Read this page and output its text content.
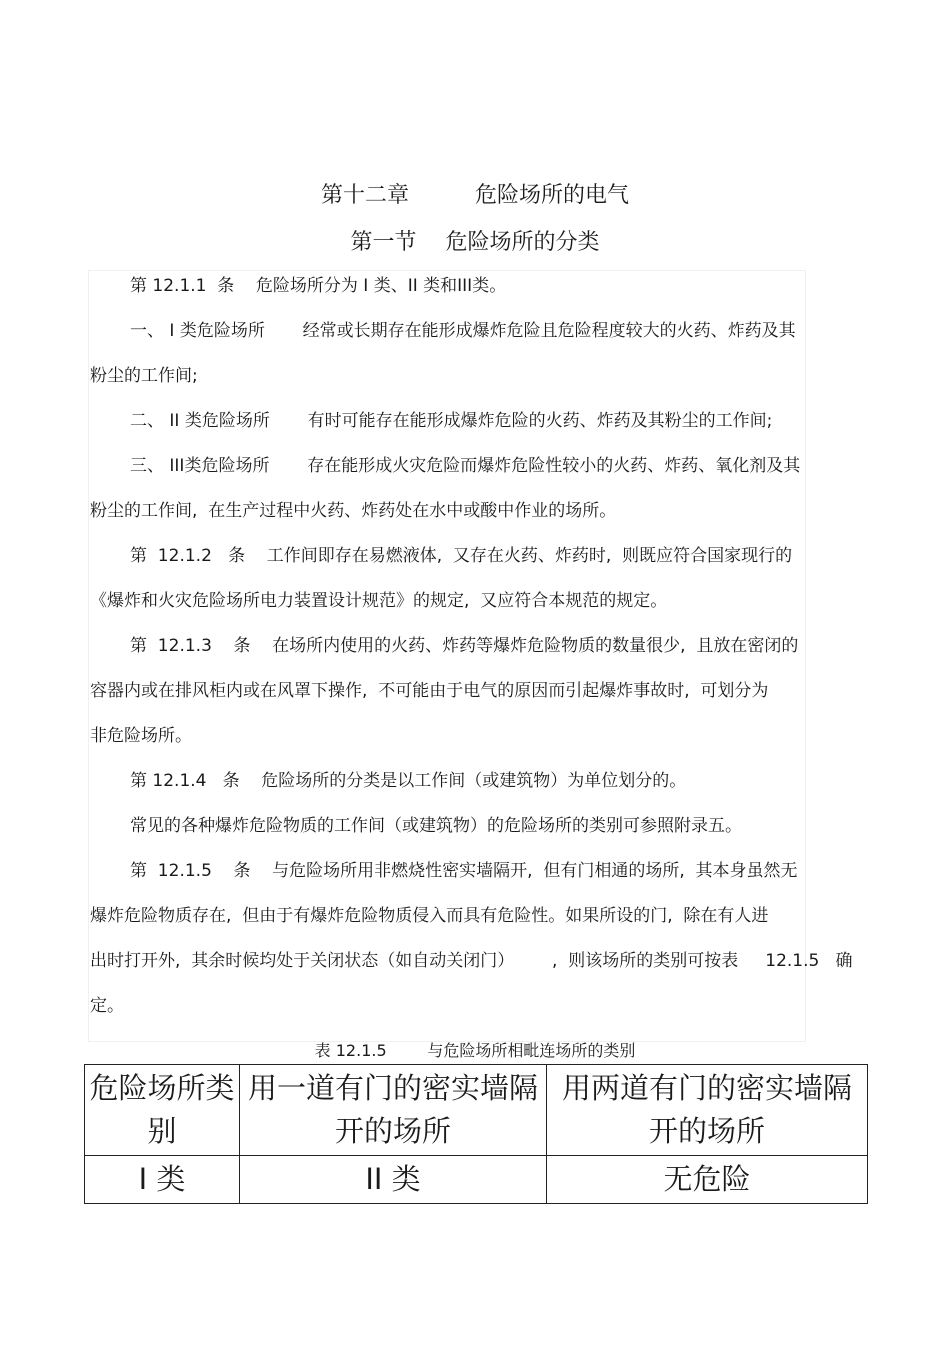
第十二章　　　危险场所的电气
第一节　 危险场所的分类
第 12.1.1  条    危险场所分为 I 类、II 类和III类。
一、 I 类危险场所       经常或长期存在能形成爆炸危险且危险程度较大的火药、炸药及其
粉尘的工作间;
二、 II 类危险场所       有时可能存在能形成爆炸危险的火药、炸药及其粉尘的工作间;
三、 III类危险场所       存在能形成火灾危险而爆炸危险性较小的火药、炸药、氧化剂及其
粉尘的工作间,  在生产过程中火药、炸药处在水中或酸中作业的场所。
第  12.1.2   条    工作间即存在易燃液体,  又存在火药、炸药时,  则既应符合国家现行的
《爆炸和火灾危险场所电力装置设计规范》的规定,  又应符合本规范的规定。
第  12.1.3    条    在场所内使用的火药、炸药等爆炸危险物质的数量很少,  且放在密闭的
容器内或在排风柜内或在风罩下操作,  不可能由于电气的原因而引起爆炸事故时,  可划分为
非危险场所。
第 12.1.4   条    危险场所的分类是以工作间（或建筑物）为单位划分的。
常见的各种爆炸危险物质的工作间（或建筑物）的危险场所的类别可参照附录五。
第  12.1.5    条    与危险场所用非燃烧性密实墙隔开,  但有门相通的场所,  其本身虽然无
爆炸危险物质存在,  但由于有爆炸危险物质侵入而具有危险性。如果所设的门,  除在有人进
出时打开外,  其余时候均处于关闭状态（如自动关闭门）       ,  则该场所的类别可按表     12.1.5   确
定。
表 12.1.5        与危险场所相毗连场所的类别
危险场所类别	用一道有门的密实墙隔开的场所	用两道有门的密实墙隔开的场所
I 类	II 类	无危险
